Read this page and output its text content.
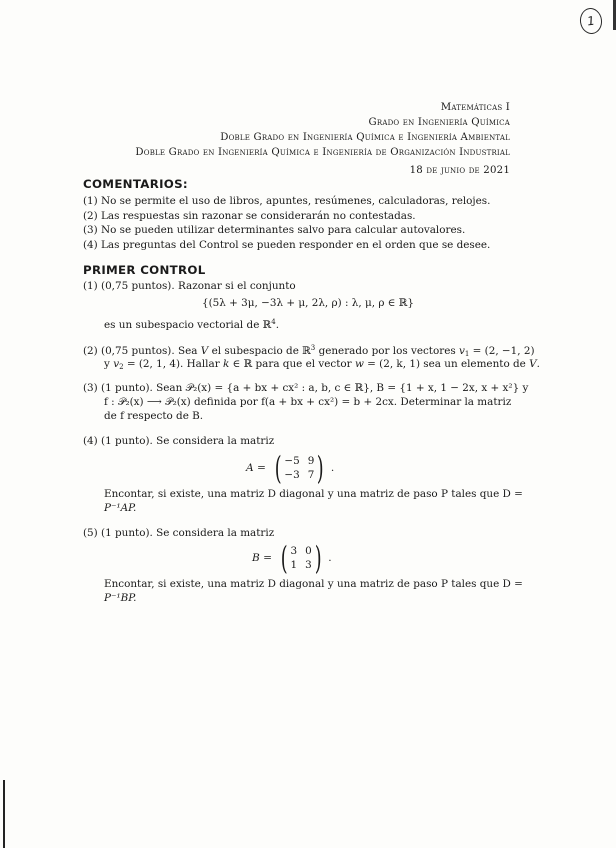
1
Matemáticas I
Grado en Ingeniería Química
Doble Grado en Ingeniería Química e Ingeniería Ambiental
Doble Grado en Ingeniería Química e Ingeniería de Organización Industrial
18 de junio de 2021
COMENTARIOS:
(1) No se permite el uso de libros, apuntes, resúmenes, calculadoras, relojes.
(2) Las respuestas sin razonar se considerarán no contestadas.
(3) No se pueden utilizar determinantes salvo para calcular autovalores.
(4) Las preguntas del Control se pueden responder en el orden que se desee.
PRIMER CONTROL
(1) (0,75 puntos). Razonar si el conjunto
{(5λ + 3μ, −3λ + μ, 2λ, ρ) : λ, μ, ρ ∈ ℝ}
es un subespacio vectorial de ℝ$^4$.
(2) (0,75 puntos). Sea V el subespacio de ℝ$^3$ generado por los vectores $v_1 = (2$, −1, 2)
y $v_2 = (2$, 1, 4). Hallar k ∈ ℝ para que el vector w = (2, k, 1) sea un elemento de V.
(3) (1 punto). Sean 𝒫₂(x) = {a + bx + cx² : a, b, c ∈ ℝ}, B = {1 + x, 1 − 2x, x + x²} y
f : 𝒫₂(x) ⟶ 𝒫₂(x) definida por f(a + bx + cx²) = b + 2cx. Determinar la matriz
de f respecto de B.
(4) (1 punto). Se considera la matriz
A = ( −5 9
−3 7 ) .
Encontar, si existe, una matriz D diagonal y una matriz de paso P tales que D =
P⁻¹AP.
(5) (1 punto). Se considera la matriz
B = ( 3 0
1 3 ) .
Encontar, si existe, una matriz D diagonal y una matriz de paso P tales que D =
P⁻¹BP.
